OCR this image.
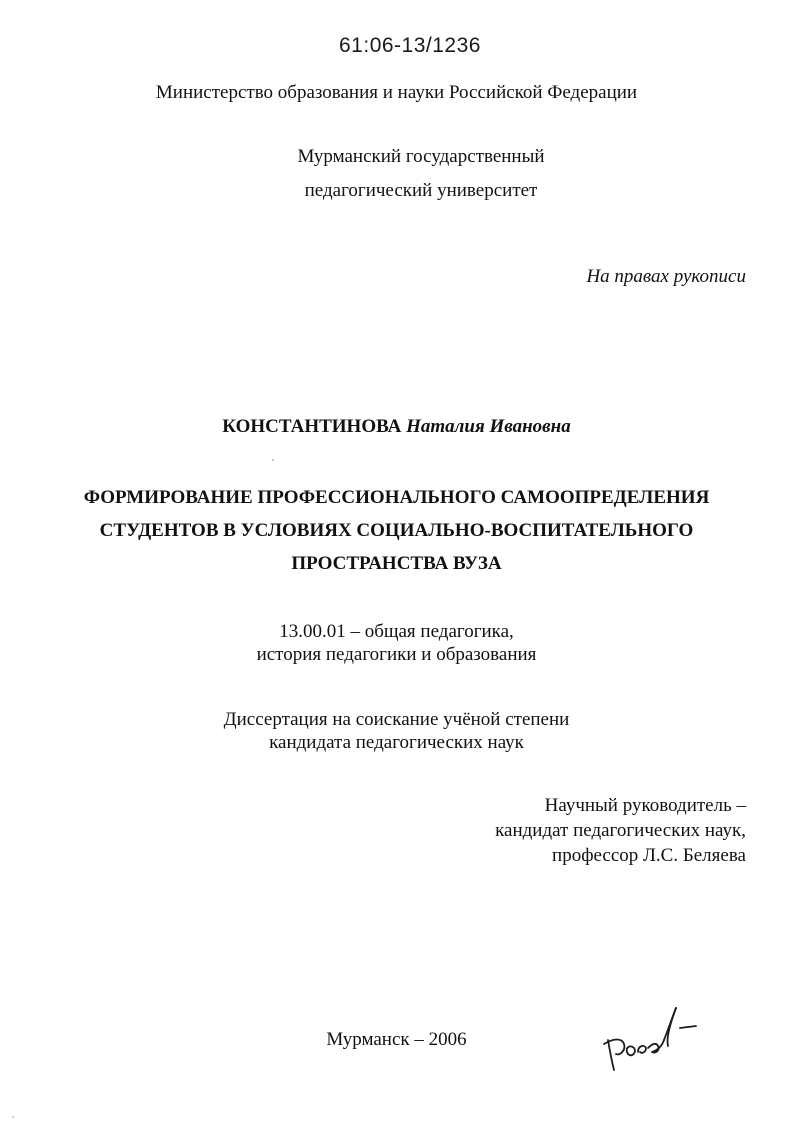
61:06-13/1236
Министерство образования и науки Российской Федерации
Мурманский государственный
педагогический университет
На правах рукописи
КОНСТАНТИНОВА Наталия Ивановна
ФОРМИРОВАНИЕ ПРОФЕССИОНАЛЬНОГО САМООПРЕДЕЛЕНИЯ
СТУДЕНТОВ В УСЛОВИЯХ СОЦИАЛЬНО-ВОСПИТАТЕЛЬНОГО
ПРОСТРАНСТВА ВУЗА
13.00.01 – общая педагогика,
история педагогики и образования
Диссертация на соискание учёной степени
кандидата педагогических наук
Научный руководитель –
кандидат педагогических наук,
профессор Л.С. Беляева
Мурманск – 2006
